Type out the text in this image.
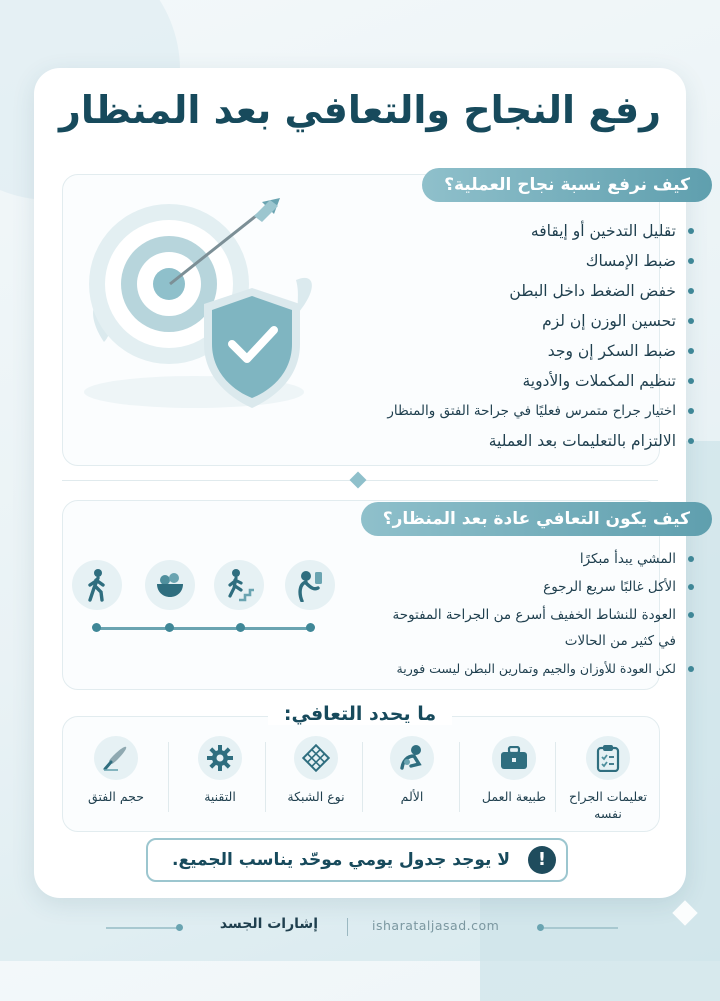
رفع النجاح والتعافي بعد المنظار
كيف نرفع نسبة نجاح العملية؟
تقليل التدخين أو إيقافه
ضبط الإمساك
خفض الضغط داخل البطن
تحسين الوزن إن لزم
ضبط السكر إن وجد
تنظيم المكملات والأدوية
اختيار جراح متمرس فعليًا في جراحة الفتق والمنظار
الالتزام بالتعليمات بعد العملية
كيف يكون التعافي عادة بعد المنظار؟
المشي يبدأ مبكرًا
الأكل غالبًا سريع الرجوع
العودة للنشاط الخفيف أسرع من الجراحة المفتوحة في كثير من الحالات
لكن العودة للأوزان والجيم وتمارين البطن ليست فورية
ما يحدد التعافي:
تعليمات الجراح نفسه
طبيعة العمل
الألم
نوع الشبكة
التقنية
حجم الفتق
لا يوجد جدول يومي موحّد يناسب الجميع.	!
إشارات الجسد	isharataljasad.com
